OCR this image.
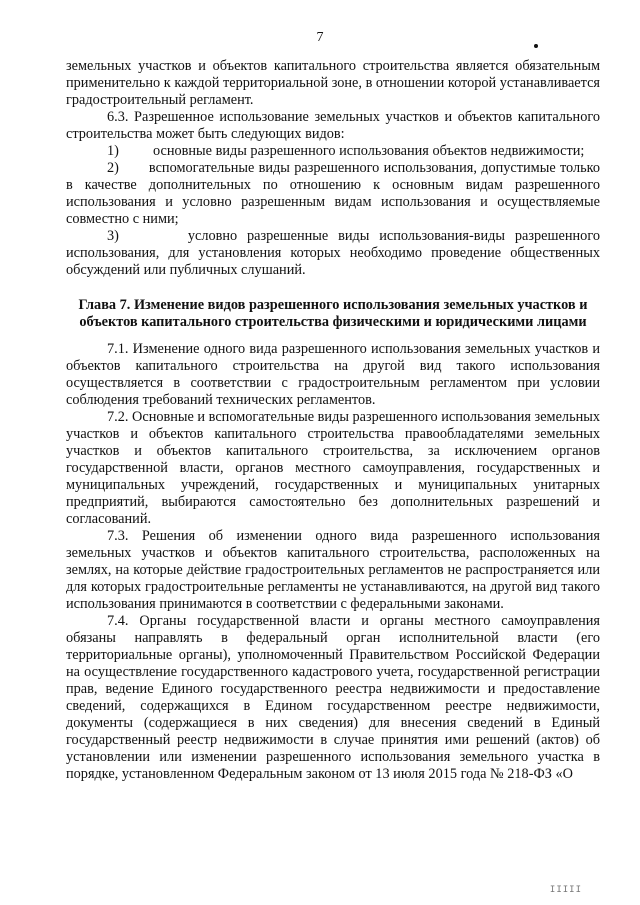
7

земельных участков и объектов капитального строительства является обязательным применительно к каждой территориальной зоне, в отношении которой устанавливается градостроительный регламент.

6.3. Разрешенное использование земельных участков и объектов капитального строительства может быть следующих видов:

1)	основные виды разрешенного использования объектов недвижимости;

2) вспомогательные виды разрешенного использования, допустимые только в качестве дополнительных по отношению к основным видам разрешенного использования и условно разрешенным видам использования и осуществляемые совместно с ними;

3)	условно разрешенные виды использования-виды разрешенного использования, для установления которых необходимо проведение общественных обсуждений или публичных слушаний.

Глава 7. Изменение видов разрешенного использования земельных участков и объектов капитального строительства физическими и юридическими лицами

7.1. Изменение одного вида разрешенного использования земельных участков и объектов капитального строительства на другой вид такого использования осуществляется в соответствии с градостроительным регламентом при условии соблюдения требований технических регламентов.

7.2. Основные и вспомогательные виды разрешенного использования земельных участков и объектов капитального строительства правообладателями земельных участков и объектов капитального строительства, за исключением органов государственной власти, органов местного самоуправления, государственных и муниципальных учреждений, государственных и муниципальных унитарных предприятий, выбираются самостоятельно без дополнительных разрешений и согласований.

7.3. Решения об изменении одного вида разрешенного использования земельных участков и объектов капитального строительства, расположенных на землях, на которые действие градостроительных регламентов не распространяется или для которых градостроительные регламенты не устанавливаются, на другой вид такого использования принимаются в соответствии с федеральными законами.

7.4. Органы государственной власти и органы местного самоуправления обязаны направлять в федеральный орган исполнительной власти (его территориальные органы), уполномоченный Правительством Российской Федерации на осуществление государственного кадастрового учета, государственной регистрации прав, ведение Единого государственного реестра недвижимости и предоставление сведений, содержащихся в Едином государственном реестре недвижимости, документы (содержащиеся в них сведения) для внесения сведений в Единый государственный реестр недвижимости в случае принятия ими решений (актов) об установлении или изменении разрешенного использования земельного участка в порядке, установленном Федеральным законом от 13 июля 2015 года № 218-ФЗ «О

IIIII
